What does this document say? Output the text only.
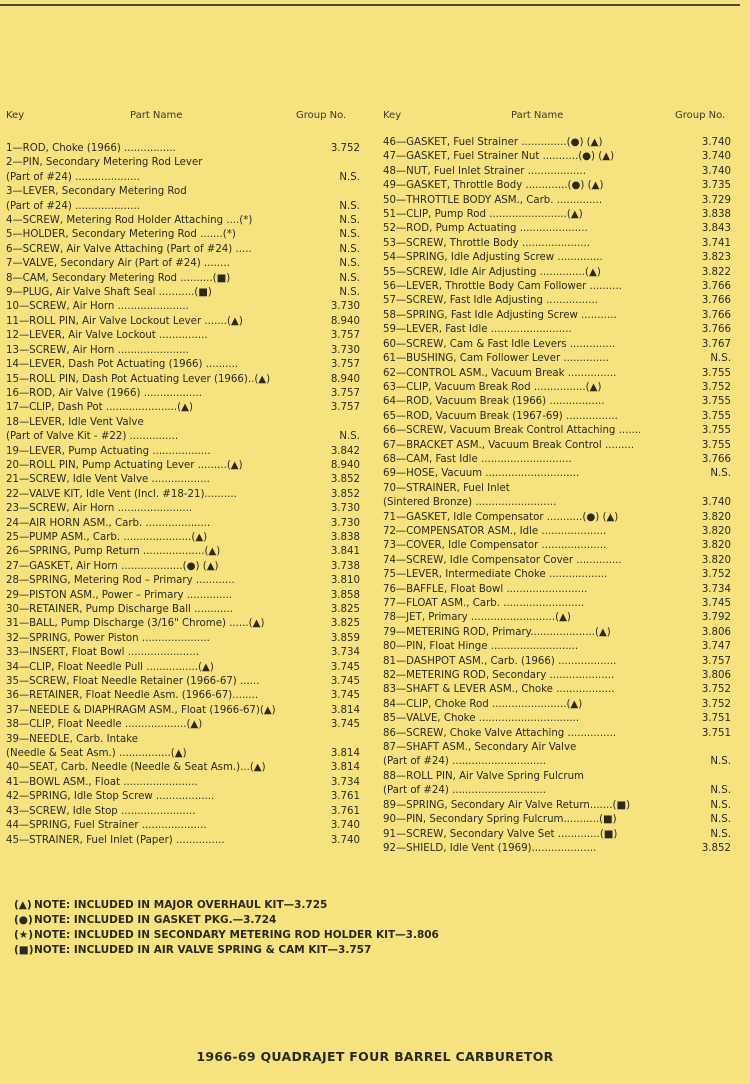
Key	Part Name	Group No.
1—ROD, Choke (1966) ................	3.752
2—PIN, Secondary Metering Rod Lever
(Part of #24) ....................	N.S.
3—LEVER, Secondary Metering Rod
(Part of #24) ....................	N.S.
4—SCREW, Metering Rod Holder Attaching ....(*)	N.S.
5—HOLDER, Secondary Metering Rod .......(*)	N.S.
6—SCREW, Air Valve Attaching (Part of #24) .....	N.S.
7—VALVE, Secondary Air (Part of #24) ........	N.S.
8—CAM, Secondary Metering Rod ..........(■)	N.S.
9—PLUG, Air Valve Shaft Seal ...........(■)	N.S.
10—SCREW, Air Horn ......................	3.730
11—ROLL PIN, Air Valve Lockout Lever .......(▲)	8.940
12—LEVER, Air Valve Lockout ...............	3.757
13—SCREW, Air Horn ......................	3.730
14—LEVER, Dash Pot Actuating (1966) ..........	3.757
15—ROLL PIN, Dash Pot Actuating Lever (1966)..(▲)	8.940
16—ROD, Air Valve (1966) ..................	3.757
17—CLIP, Dash Pot ......................(▲)	3.757
18—LEVER, Idle Vent Valve
(Part of Valve Kit - #22) ...............	N.S.
19—LEVER, Pump Actuating ..................	3.842
20—ROLL PIN, Pump Actuating Lever .........(▲)	8.940
21—SCREW, Idle Vent Valve ..................	3.852
22—VALVE KIT, Idle Vent (Incl. #18-21)..........	3.852
23—SCREW, Air Horn .......................	3.730
24—AIR HORN ASM., Carb. ....................	3.730
25—PUMP ASM., Carb. .....................(▲)	3.838
26—SPRING, Pump Return ...................(▲)	3.841
27—GASKET, Air Horn ...................(●) (▲)	3.738
28—SPRING, Metering Rod – Primary ............	3.810
29—PISTON ASM., Power – Primary ..............	3.858
30—RETAINER, Pump Discharge Ball ............	3.825
31—BALL, Pump Discharge (3/16" Chrome) ......(▲)	3.825
32—SPRING, Power Piston .....................	3.859
33—INSERT, Float Bowl ......................	3.734
34—CLIP, Float Needle Pull ................(▲)	3.745
35—SCREW, Float Needle Retainer (1966-67) ......	3.745
36—RETAINER, Float Needle Asm. (1966-67)........	3.745
37—NEEDLE & DIAPHRAGM ASM., Float (1966-67)(▲)	3.814
38—CLIP, Float Needle ...................(▲)	3.745
39—NEEDLE, Carb. Intake
(Needle & Seat Asm.) ................(▲)	3.814
40—SEAT, Carb. Needle (Needle & Seat Asm.)...(▲)	3.814
41—BOWL ASM., Float .......................	3.734
42—SPRING, Idle Stop Screw ..................	3.761
43—SCREW, Idle Stop .......................	3.761
44—SPRING, Fuel Strainer ....................	3.740
45—STRAINER, Fuel Inlet (Paper) ...............	3.740
Key	Part Name	Group No.
46—GASKET, Fuel Strainer ..............(●) (▲)	3.740
47—GASKET, Fuel Strainer Nut ...........(●) (▲)	3.740
48—NUT, Fuel Inlet Strainer ..................	3.740
49—GASKET, Throttle Body .............(●) (▲)	3.735
50—THROTTLE BODY ASM., Carb. ..............	3.729
51—CLIP, Pump Rod ........................(▲)	3.838
52—ROD, Pump Actuating .....................	3.843
53—SCREW, Throttle Body .....................	3.741
54—SPRING, Idle Adjusting Screw ..............	3.823
55—SCREW, Idle Air Adjusting ..............(▲)	3.822
56—LEVER, Throttle Body Cam Follower ..........	3.766
57—SCREW, Fast Idle Adjusting ................	3.766
58—SPRING, Fast Idle Adjusting Screw ...........	3.766
59—LEVER, Fast Idle .........................	3.766
60—SCREW, Cam & Fast Idle Levers ..............	3.767
61—BUSHING, Cam Follower Lever ..............	N.S.
62—CONTROL ASM., Vacuum Break ...............	3.755
63—CLIP, Vacuum Break Rod ................(▲)	3.752
64—ROD, Vacuum Break (1966) .................	3.755
65—ROD, Vacuum Break (1967-69) ................	3.755
66—SCREW, Vacuum Break Control Attaching .......	3.755
67—BRACKET ASM., Vacuum Break Control .........	3.755
68—CAM, Fast Idle ............................	3.766
69—HOSE, Vacuum .............................	N.S.
70—STRAINER, Fuel Inlet
(Sintered Bronze) .........................	3.740
71—GASKET, Idle Compensator ...........(●) (▲)	3.820
72—COMPENSATOR ASM., Idle ....................	3.820
73—COVER, Idle Compensator ....................	3.820
74—SCREW, Idle Compensator Cover ..............	3.820
75—LEVER, Intermediate Choke ..................	3.752
76—BAFFLE, Float Bowl .........................	3.734
77—FLOAT ASM., Carb. .........................	3.745
78—JET, Primary ..........................(▲)	3.792
79—METERING ROD, Primary....................(▲)	3.806
80—PIN, Float Hinge ...........................	3.747
81—DASHPOT ASM., Carb. (1966) ..................	3.757
82—METERING ROD, Secondary ....................	3.806
83—SHAFT & LEVER ASM., Choke ..................	3.752
84—CLIP, Choke Rod .......................(▲)	3.752
85—VALVE, Choke ...............................	3.751
86—SCREW, Choke Valve Attaching ...............	3.751
87—SHAFT ASM., Secondary Air Valve
(Part of #24) .............................	N.S.
88—ROLL PIN, Air Valve Spring Fulcrum
(Part of #24) .............................	N.S.
89—SPRING, Secondary Air Valve Return.......(■)	N.S.
90—PIN, Secondary Spring Fulcrum...........(■)	N.S.
91—SCREW, Secondary Valve Set .............(■)	N.S.
92—SHIELD, Idle Vent (1969)....................	3.852
(▲) NOTE: INCLUDED IN MAJOR OVERHAUL KIT—3.725
(●)NOTE: INCLUDED IN GASKET PKG.—3.724
(★)NOTE: INCLUDED IN SECONDARY METERING ROD HOLDER KIT—3.806
(■)NOTE: INCLUDED IN AIR VALVE SPRING & CAM KIT—3.757
1966-69 QUADRAJET FOUR BARREL CARBURETOR
